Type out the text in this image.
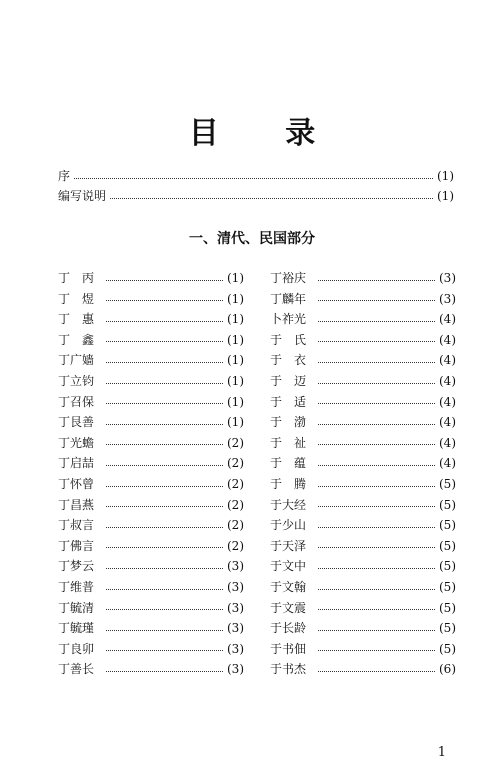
目 录
序	(1)
编写说明	(1)
一、清代、民国部分
丁　丙	(1)
丁　煜	(1)
丁　惠	(1)
丁　鑫	(1)
丁广嫱	(1)
丁立钧	(1)
丁召保	(1)
丁艮善	(1)
丁光蟾	(2)
丁启喆	(2)
丁怀曾	(2)
丁昌燕	(2)
丁叔言	(2)
丁佛言	(2)
丁梦云	(3)
丁维普	(3)
丁毓清	(3)
丁毓瑾	(3)
丁良卯	(3)
丁善长	(3)
丁裕庆	(3)
丁麟年	(3)
卜祚光	(4)
于　氏	(4)
于　衣	(4)
于　迈	(4)
于　适	(4)
于　渤	(4)
于　祉	(4)
于　蕴	(4)
于　腾	(5)
于大经	(5)
于少山	(5)
于天泽	(5)
于文中	(5)
于文翰	(5)
于文震	(5)
于长龄	(5)
于书佃	(5)
于书杰	(6)
1
